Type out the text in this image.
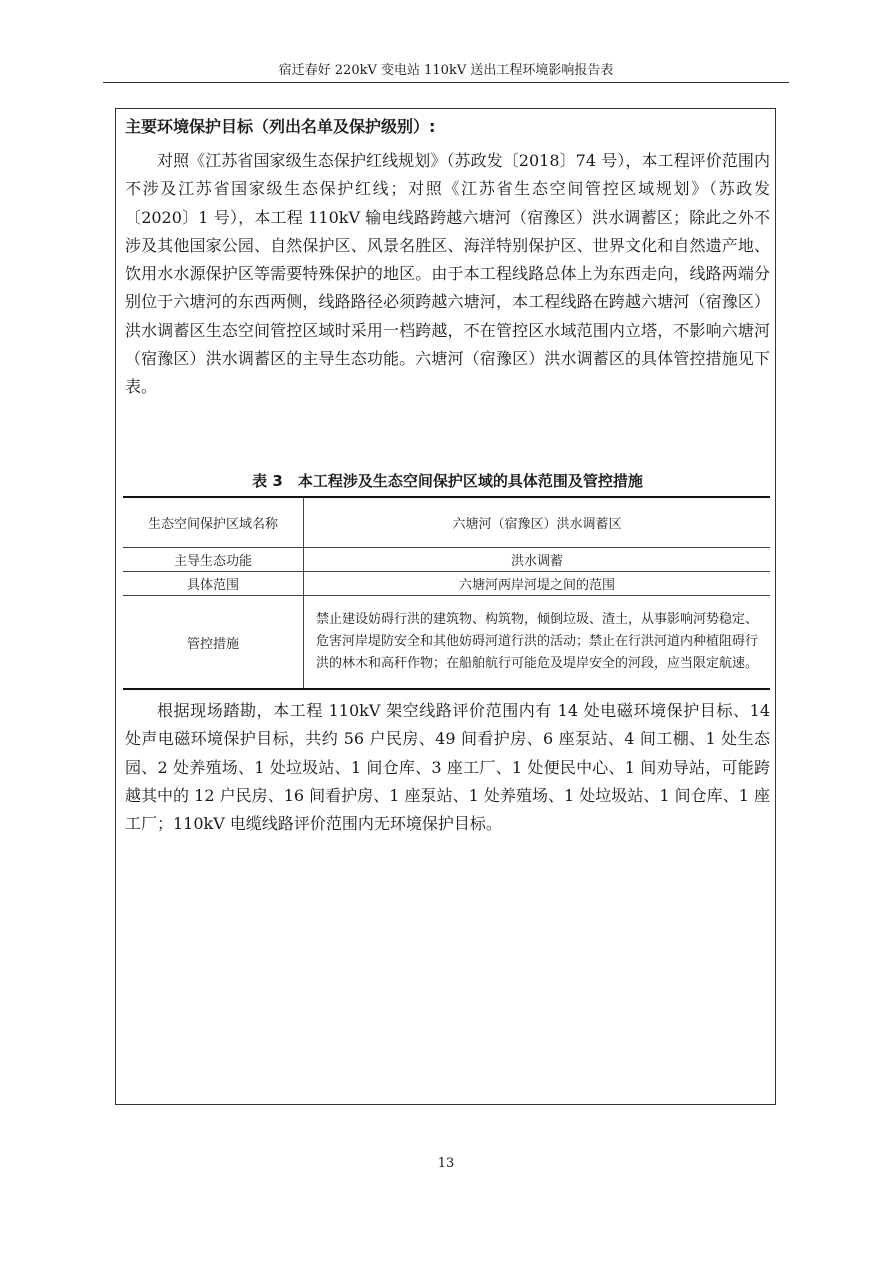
宿迁春好 220kV 变电站 110kV 送出工程环境影响报告表
主要环境保护目标（列出名单及保护级别）:

对照《江苏省国家级生态保护红线规划》（苏政发〔2018〕74 号），本工程评价范围内不涉及江苏省国家级生态保护红线；对照《江苏省生态空间管控区域规划》（苏政发〔2020〕1 号），本工程 110kV 输电线路跨越六塘河（宿豫区）洪水调蓄区；除此之外不涉及其他国家公园、自然保护区、风景名胜区、海洋特别保护区、世界文化和自然遗产地、饮用水水源保护区等需要特殊保护的地区。由于本工程线路总体上为东西走向，线路两端分别位于六塘河的东西两侧，线路路径必须跨越六塘河，本工程线路在跨越六塘河（宿豫区）洪水调蓄区生态空间管控区域时采用一档跨越，不在管控区水域范围内立塔，不影响六塘河（宿豫区）洪水调蓄区的主导生态功能。六塘河（宿豫区）洪水调蓄区的具体管控措施见下表。

表 3　本工程涉及生态空间保护区域的具体范围及管控措施
生态空间保护区域名称	六塘河（宿豫区）洪水调蓄区
主导生态功能	洪水调蓄
具体范围	六塘河两岸河堤之间的范围
管控措施	禁止建设妨碍行洪的建筑物、构筑物，倾倒垃圾、渣土，从事影响河势稳定、危害河岸堤防安全和其他妨碍河道行洪的活动；禁止在行洪河道内种植阻碍行洪的林木和高秆作物；在船舶航行可能危及堤岸安全的河段，应当限定航速。

根据现场踏勘，本工程 110kV 架空线路评价范围内有 14 处电磁环境保护目标、14 处声电磁环境保护目标，共约 56 户民房、49 间看护房、6 座泵站、4 间工棚、1 处生态园、2 处养殖场、1 处垃圾站、1 间仓库、3 座工厂、1 处便民中心、1 间劝导站，可能跨越其中的 12 户民房、16 间看护房、1 座泵站、1 处养殖场、1 处垃圾站、1 间仓库、1 座工厂；110kV 电缆线路评价范围内无环境保护目标。

13
